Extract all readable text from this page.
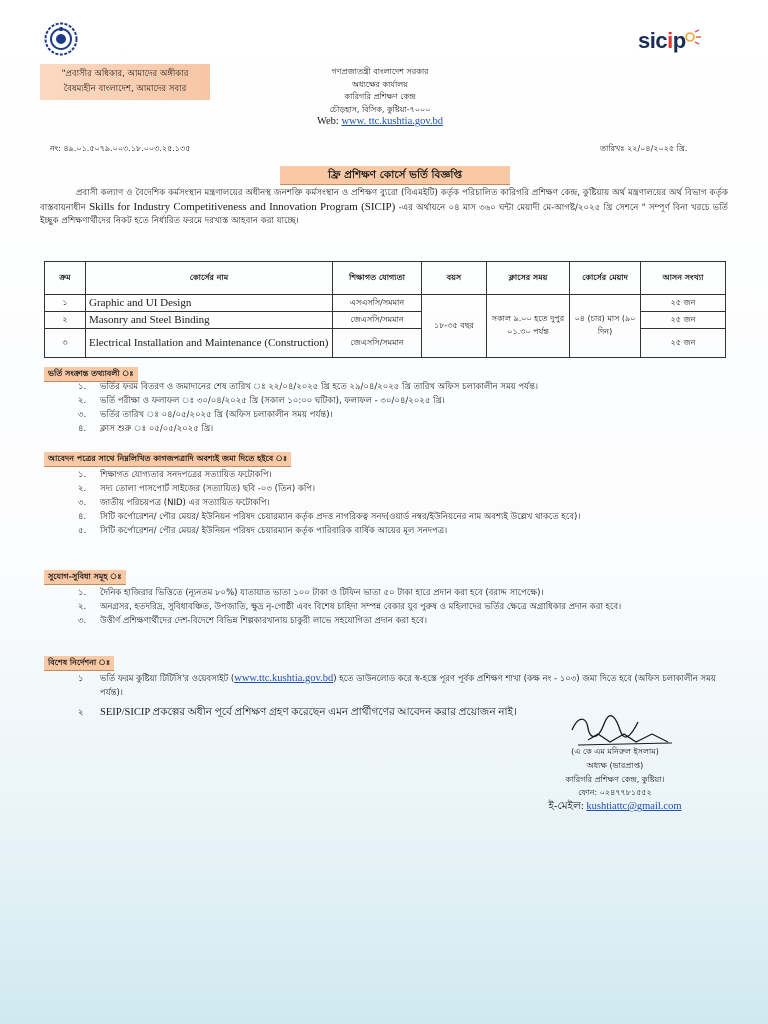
sicip
"প্রবাসীর অধিকার, আমাদের অঙ্গীকার
বৈষম্যহীন বাংলাদেশ, আমাদের সবার
গণপ্রজাতন্ত্রী বাংলাদেশ সরকার
অধ্যক্ষের কার্যালয়
কারিগরি প্রশিক্ষণ কেন্দ্র
চৌড়হাস, বিসিক, কুষ্টিয়া-৭০০০
Web: www. ttc.kushtia.gov.bd
নং: ৪৯.০১.৫০৭৯.০০৩.১৮.০০৩.২৫.১৩৫	তারিখঃ ২২/০৪/২০২৫ খ্রি.
ফ্রি প্রশিক্ষণ কোর্সে ভর্তি বিজ্ঞপ্তি
প্রবাসী কল্যাণ ও বৈদেশিক কর্মসংস্থান মন্ত্রণালয়ের অধীনস্থ জনশক্তি কর্মসংস্থান ও প্রশিক্ষণ ব্যুরো (বিএমইটি) কর্তৃক পরিচালিত কারিগরি প্রশিক্ষণ কেন্দ্র, কুষ্টিয়ায় অর্থ মন্ত্রণালয়ের অর্থ বিভাগ কর্তৃক বাস্তবায়নাধীন Skills for Industry Competitiveness and Innovation Program (SICIP) -এর অর্থায়নে ০৪ মাস ৩৬০ ঘন্টা মেয়াদী মে-আগষ্ট/২০২৫ খ্রি সেশনে " সম্পূর্ণ বিনা খরচে ভর্তি ইচ্ছুক প্রশিক্ষণার্থীদের নিকট হতে নির্ধারিত ফরমে দরখাস্ত আহবান করা যাচ্ছে।
ক্রম	কোর্সের নাম	শিক্ষাগত যোগ্যতা	বয়স	ক্লাসের সময়	কোর্সের মেয়াদ	আসন সংখ্যা
১	Graphic and UI Design	এসএসসি/সমমান	১৮-৩৫ বছর	সকাল ৯.০০ হতে দুপুর ০১.৩০ পর্যন্ত	০৪ (চার) মাস (৯০ দিন)	২৫ জন
২	Masonry and Steel Binding	জেএসসি/সমমান				২৫ জন
৩	Electrical Installation and Maintenance (Construction)	জেএসসি/সমমান				২৫ জন
ভর্তি সংক্রান্ত তথ্যাবলী ঃ
১. ভর্তির ফরম বিতরণ ও জমাদানের শেষ তারিখ ঃ ২২/০৪/২০২৫ খ্রি হতে ২৯/০৪/২০২৫ খ্রি তারিখ অফিস চলাকালীন সময় পর্যন্ত।
২. ভর্তি পরীক্ষা ও ফলাফল ঃ ৩০/০৪/২০২৫ খ্রি (সকাল ১০:০০ ঘটিকা), ফলাফল - ৩০/০৪/২০২৫ খ্রি।
৩. ভর্তির তারিখ ঃ ০৪/০৫/২০২৫ খ্রি (অফিস চলাকালীন সময় পর্যন্ত)।
৪. ক্লাস শুরু ঃ ০৫/০৫/২০২৫ খ্রি।
আবেদন পত্রের সাথে নিম্নলিখিত কাগজপত্রাদি অবশ্যই জমা দিতে হইবে ঃ
১. শিক্ষাগত যোগ্যতার সনদপত্রের সত্যায়িত ফটোকপি।
২. সদ্য তোলা পাসপোর্ট সাইজের (সত্যায়িত) ছবি -০৩ (তিন) কপি।
৩. জাতীয় পরিচয়পত্র (NID) এর সত্যায়িত ফটোকপি।
৪. সিটি কর্পোরেশন/ পৌর মেয়র/ ইউনিয়ন পরিষদ চেয়ারম্যান কর্তৃক প্রদত্ত নাগরিকত্ব সনদ(ওয়ার্ড নম্বর/ইউনিয়নের নাম অবশ্যই উল্লেখ থাকতে হবে)।
৫. সিটি কর্পোরেশন/ পৌর মেয়র/ ইউনিয়ন পরিষদ চেয়ারম্যান কর্তৃক পারিবারিক বার্ষিক আয়ের মূল সনদপত্র।
সুযোগ-সুবিধা সমূহ ঃ
১. দৈনিক হাজিরার ভিত্তিতে (ন্যূনতম ৮০%) যাতায়াত ভাতা ১০০ টাকা ও টিফিন ভাতা ৫০ টাকা হারে প্রদান করা হবে (বরাদ্দ সাপেক্ষে)।
২. অনগ্রসর, হতদরিদ্র, সুবিধাবঞ্চিত, উপজাতি, ক্ষুদ্র নৃ-গোষ্ঠী এবং বিশেষ চাহিদা সম্পন্ন বেকার যুব পুরুষ ও মহিলাদের ভর্তির ক্ষেত্রে অগ্রাধিকার প্রদান করা হবে।
৩. উত্তীর্ণ প্রশিক্ষণার্থীদের দেশ-বিদেশে বিভিন্ন শিল্পকারখানায় চাকুরী লাভে সহযোগিতা প্রদান করা হবে।
বিশেষ নির্দেশনা ঃ
১ ভর্তি ফরম কুষ্টিয়া টিটিসি'র ওয়েবসাইট (www.ttc.kushtia.gov.bd) হতে ডাউনলোড করে স্ব-হস্তে পূরণ পূর্বক প্রশিক্ষণ শাখা (কক্ষ নং - ১০৩) জমা দিতে হবে (অফিস চলাকালীন সময় পর্যন্ত)।
২ SEIP/SICIP প্রকল্পের অধীন পূর্বে প্রশিক্ষণ গ্রহণ করেছেন এমন প্রার্থীগণের আবেদন করার প্রয়োজন নাই।
(এ কে এম মনিরুল ইসলাম)
অধ্যক্ষ (ভারপ্রাপ্ত)
কারিগরি প্রশিক্ষণ কেন্দ্র, কুষ্টিয়া।
ফোন: ০২৪৭৭৮১৫৫২
ই-মেইল: kushtiattc@gmail.com
